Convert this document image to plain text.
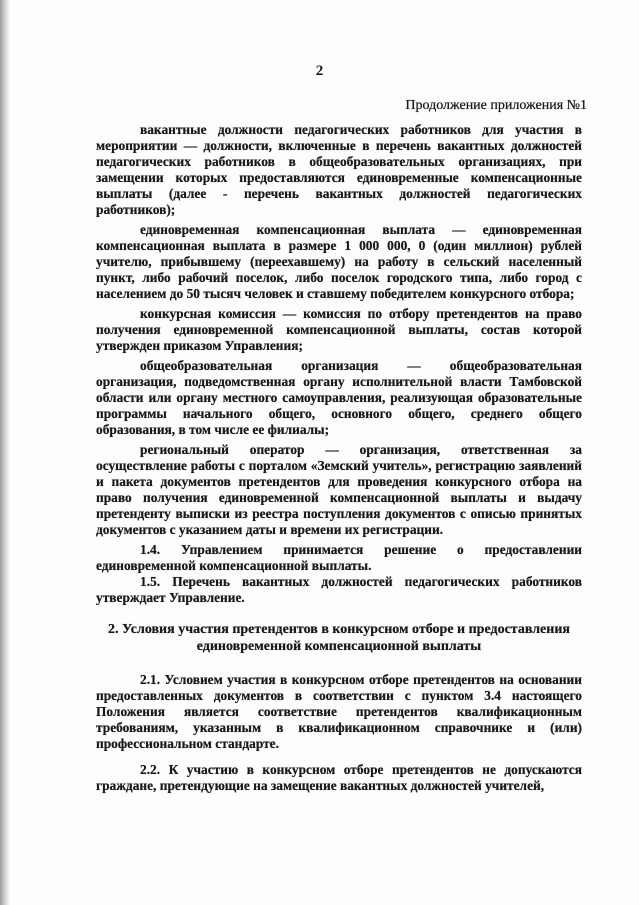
2
Продолжение приложения №1

вакантные должности педагогических работников для участия в мероприятии — должности, включенные в перечень вакантных должностей педагогических работников в общеобразовательных организациях, при замещении которых предоставляются единовременные компенсационные выплаты (далее - перечень вакантных должностей педагогических работников);

единовременная компенсационная выплата — единовременная компенсационная выплата в размере 1 000 000, 0 (один миллион) рублей учителю, прибывшему (переехавшему) на работу в сельский населенный пункт, либо рабочий поселок, либо поселок городского типа, либо город с населением до 50 тысяч человек и ставшему победителем конкурсного отбора;

конкурсная комиссия — комиссия по отбору претендентов на право получения единовременной компенсационной выплаты, состав которой утвержден приказом Управления;

общеобразовательная организация — общеобразовательная организация, подведомственная органу исполнительной власти Тамбовской области или органу местного самоуправления, реализующая образовательные программы начального общего, основного общего, среднего общего образования, в том числе ее филиалы;

региональный оператор — организация, ответственная за осуществление работы с порталом «Земский учитель», регистрацию заявлений и пакета документов претендентов для проведения конкурсного отбора на право получения единовременной компенсационной выплаты и выдачу претенденту выписки из реестра поступления документов с описью принятых документов с указанием даты и времени их регистрации.

1.4. Управлением принимается решение о предоставлении единовременной компенсационной выплаты.

1.5. Перечень вакантных должностей педагогических работников утверждает Управление.

2. Условия участия претендентов в конкурсном отборе и предоставления единовременной компенсационной выплаты

2.1. Условием участия в конкурсном отборе претендентов на основании предоставленных документов в соответствии с пунктом 3.4 настоящего Положения является соответствие претендентов квалификационным требованиям, указанным в квалификационном справочнике и (или) профессиональном стандарте.

2.2. К участию в конкурсном отборе претендентов не допускаются граждане, претендующие на замещение вакантных должностей учителей,
